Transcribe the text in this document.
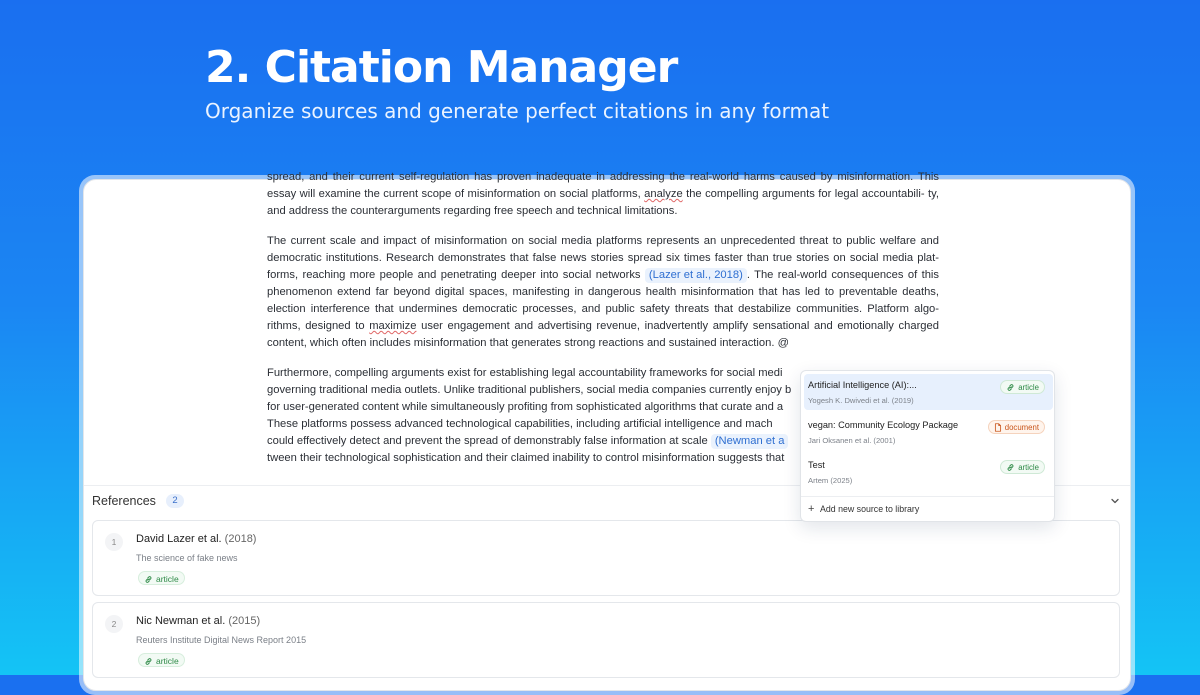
2. Citation Manager
Organize sources and generate perfect citations in any format

spread, and their current self-regulation has proven inadequate in addressing the real-world harms caused by misinformation. This essay will examine the current scope of misinformation on social platforms, analyze the compelling arguments for legal accountabili- ty, and address the counterarguments regarding free speech and technical limitations.

The current scale and impact of misinformation on social media platforms represents an unprecedented threat to public welfare and democratic institutions. Research demonstrates that false news stories spread six times faster than true stories on social media plat-forms, reaching more people and penetrating deeper into social networks (Lazer et al., 2018) . The real-world consequences of this phenomenon extend far beyond digital spaces, manifesting in dangerous health misinformation that has led to preventable deaths, election interference that undermines democratic processes, and public safety threats that destabilize communities. Platform algo-rithms, designed to maximize user engagement and advertising revenue, inadvertently amplify sensational and emotionally charged content, which often includes misinformation that generates strong reactions and sustained interaction. @

Furthermore, compelling arguments exist for establishing legal accountability frameworks for social medi
governing traditional media outlets. Unlike traditional publishers, social media companies currently enjoy b
for user-generated content while simultaneously profiting from sophisticated algorithms that curate and a
These platforms possess advanced technological capabilities, including artificial intelligence and mach
could effectively detect and prevent the spread of demonstrably false information at scale (Newman et a
tween their technological sophistication and their claimed inability to control misinformation suggests that

References	2
1	David Lazer et al. (2018)
The science of fake news
article
2	Nic Newman et al. (2015)
Reuters Institute Digital News Report 2015
article
Artificial Intelligence (AI):...
Yogesh K. Dwivedi et al. (2019)
article
vegan: Community Ecology Package
Jari Oksanen et al. (2001)
document
Test
Artem (2025)
article
+ Add new source to library
